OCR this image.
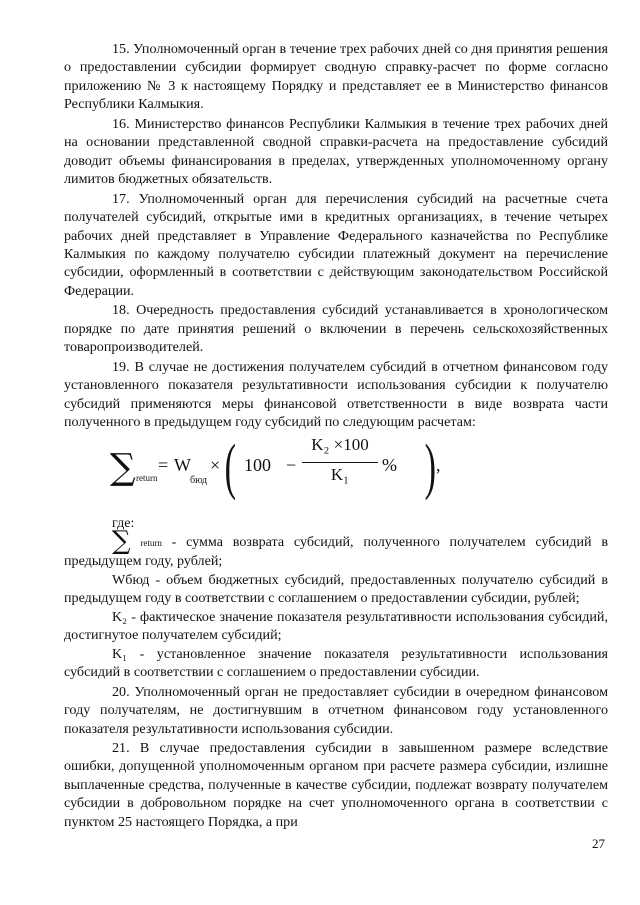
15. Уполномоченный орган в течение трех рабочих дней со дня принятия решения о предоставлении субсидии формирует сводную справку-расчет по форме согласно приложению № 3 к настоящему Порядку и представляет ее в Министерство финансов Республики Калмыкия.

16. Министерство финансов Республики Калмыкия в течение трех рабочих дней на основании представленной сводной справки-расчета на предоставление субсидий доводит объемы финансирования в пределах, утвержденных уполномоченному органу лимитов бюджетных обязательств.

17. Уполномоченный орган для перечисления субсидий на расчетные счета получателей субсидий, открытые ими в кредитных организациях, в течение четырех рабочих дней представляет в Управление Федерального казначейства по Республике Калмыкия по каждому получателю субсидии платежный документ на перечисление субсидии, оформленный в соответствии с действующим законодательством Российской Федерации.

18. Очередность предоставления субсидий устанавливается в хронологическом порядке по дате принятия решений о включении в перечень сельскохозяйственных товаропроизводителей.

19. В случае не достижения получателем субсидий в отчетном финансовом году установленного показателя результативности использования субсидии к получателю субсидий применяются меры финансовой ответственности в виде возврата части полученного в предыдущем году субсидий по следующим расчетам:

∑ return
= W
бюд
× ( 100 −
K₂ ×100
K₁	% ) ,

где:

∑ return - сумма возврата субсидий, полученного получателем субсидий в предыдущем году, рублей;

Wбюд - объем бюджетных субсидий, предоставленных получателю субсидий в предыдущем году в соответствии с соглашением о предоставлении субсидии, рублей;

K₂ - фактическое значение показателя результативности использования субсидий, достигнутое получателем субсидий;

K₁ - установленное значение показателя результативности использования субсидий в соответствии с соглашением о предоставлении субсидии.

20. Уполномоченный орган не предоставляет субсидии в очередном финансовом году получателям, не достигнувшим в отчетном финансовом году установленного показателя результативности использования субсидии.

21. В случае предоставления субсидии в завышенном размере вследствие ошибки, допущенной уполномоченным органом при расчете размера субсидии, излишне выплаченные средства, полученные в качестве субсидии, подлежат возврату получателем субсидии в добровольном порядке на счет уполномоченного органа в соответствии с пунктом 25 настоящего Порядка, а при

27
